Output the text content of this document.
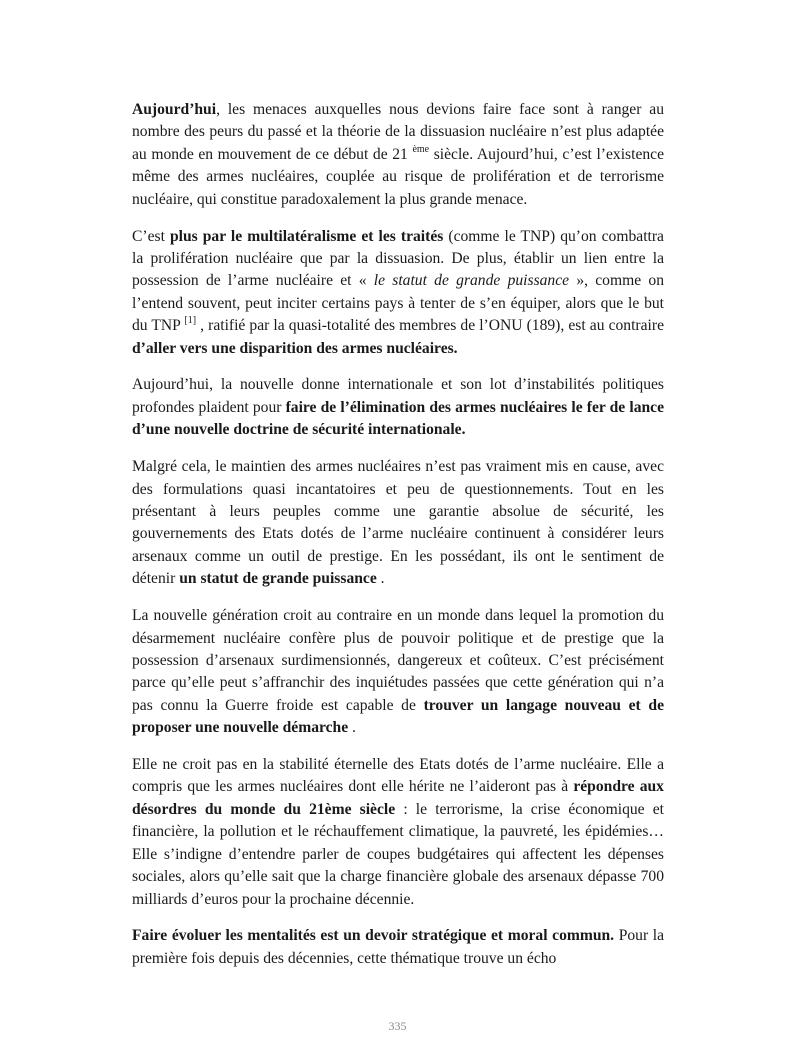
Aujourd’hui, les menaces auxquelles nous devions faire face sont à ranger au nombre des peurs du passé et la théorie de la dissuasion nucléaire n’est plus adaptée au monde en mouvement de ce début de 21 $^{ème}$ siècle. Aujourd’hui, c’est l’existence même des armes nucléaires, couplée au risque de prolifération et de terrorisme nucléaire, qui constitue paradoxalement la plus grande menace.

C’est plus par le multilatéralisme et les traités (comme le TNP) qu’on combattra la prolifération nucléaire que par la dissuasion. De plus, établir un lien entre la possession de l’arme nucléaire et « le statut de grande puissance », comme on l’entend souvent, peut inciter certains pays à tenter de s’en équiper, alors que le but du TNP [1] , ratifié par la quasi-totalité des membres de l’ONU (189), est au contraire d’aller vers une disparition des armes nucléaires.

Aujourd’hui, la nouvelle donne internationale et son lot d’instabilités politiques profondes plaident pour faire de l’élimination des armes nucléaires le fer de lance d’une nouvelle doctrine de sécurité internationale.

Malgré cela, le maintien des armes nucléaires n’est pas vraiment mis en cause, avec des formulations quasi incantatoires et peu de questionnements. Tout en les présentant à leurs peuples comme une garantie absolue de sécurité, les gouvernements des Etats dotés de l’arme nucléaire continuent à considérer leurs arsenaux comme un outil de prestige. En les possédant, ils ont le sentiment de détenir un statut de grande puissance .

La nouvelle génération croit au contraire en un monde dans lequel la promotion du désarmement nucléaire confère plus de pouvoir politique et de prestige que la possession d’arsenaux surdimensionnés, dangereux et coûteux. C’est précisément parce qu’elle peut s’affranchir des inquiétudes passées que cette génération qui n’a pas connu la Guerre froide est capable de trouver un langage nouveau et de proposer une nouvelle démarche .

Elle ne croit pas en la stabilité éternelle des Etats dotés de l’arme nucléaire. Elle a compris que les armes nucléaires dont elle hérite ne l’aideront pas à répondre aux désordres du monde du 21ème siècle : le terrorisme, la crise économique et financière, la pollution et le réchauffement climatique, la pauvreté, les épidémies… Elle s’indigne d’entendre parler de coupes budgétaires qui affectent les dépenses sociales, alors qu’elle sait que la charge financière globale des arsenaux dépasse 700 milliards d’euros pour la prochaine décennie.

Faire évoluer les mentalités est un devoir stratégique et moral commun. Pour la première fois depuis des décennies, cette thématique trouve un écho

335
